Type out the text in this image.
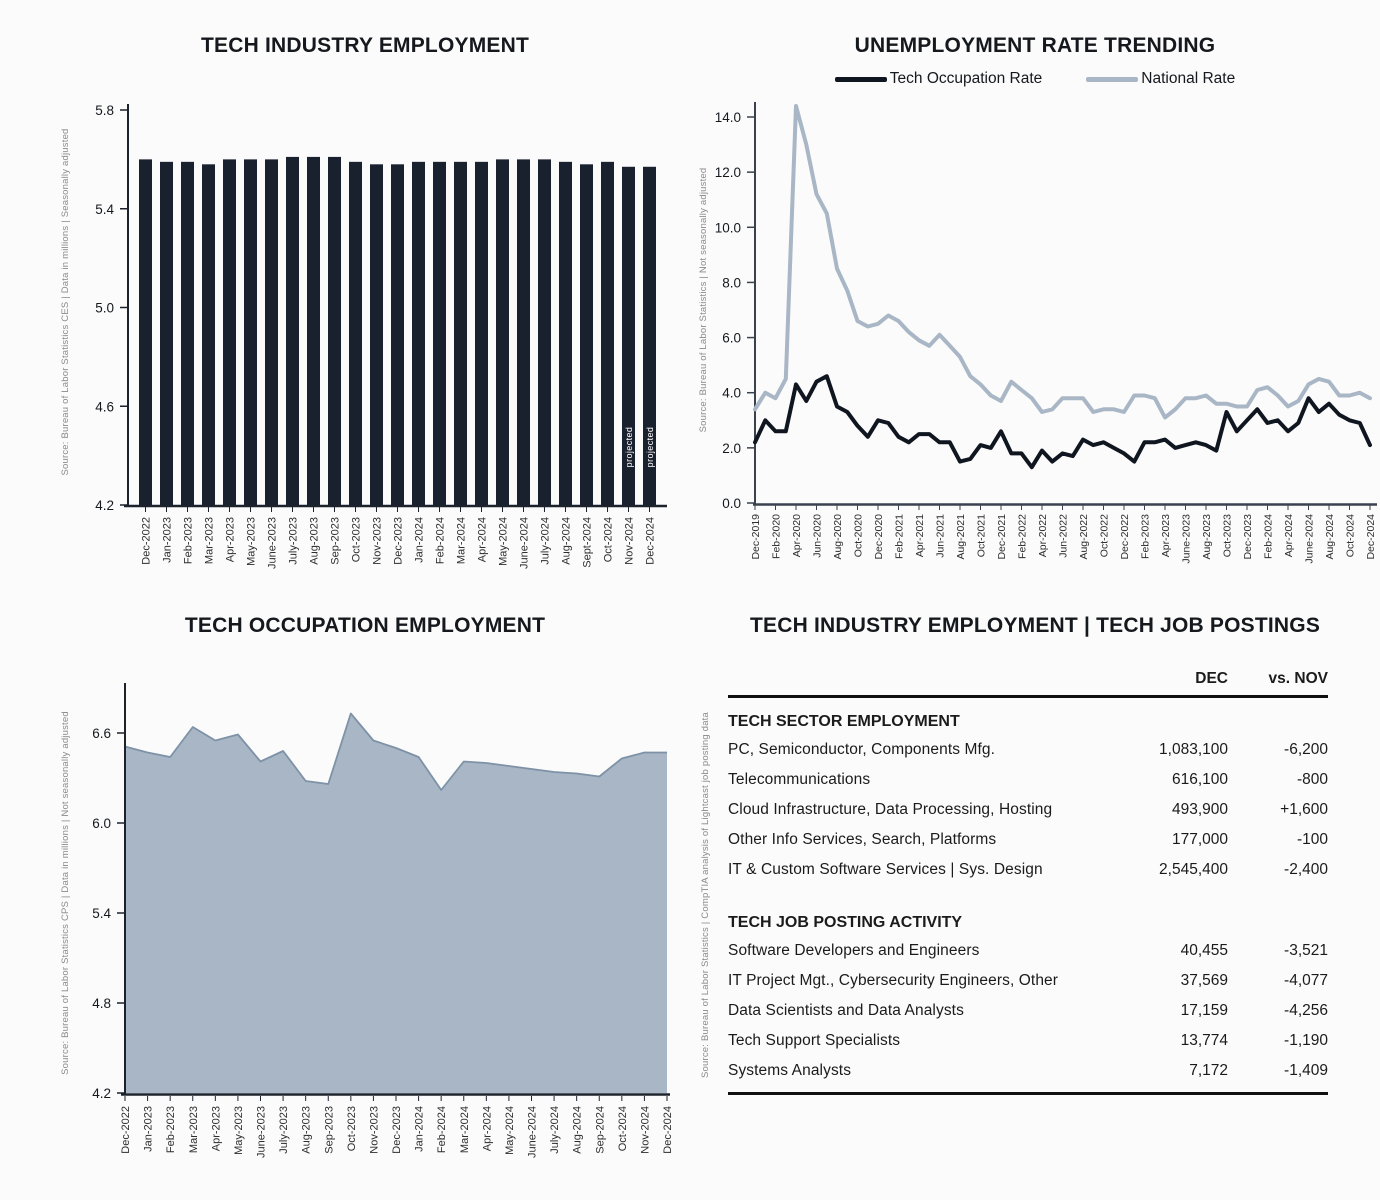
TECH INDUSTRY EMPLOYMENT
5.8
5.4
5.0
4.6
4.2
Dec-2022 Jan-2023 Feb-2023 Mar-2023 Apr-2023 May-2023 June-2023 July-2023 Aug-2023 Sep-2023 Oct-2023 Nov-2023 Dec-2023 Jan-2024 Feb-2024 Mar-2024 Apr-2024 May-2024 June-2024 July-2024 Aug-2024 Sept-2024 Oct-2024 Nov-2024 Dec-2024
projected projected
UNEMPLOYMENT RATE TRENDING
Tech Occupation Rate	National Rate
14.0
12.0
10.0
8.0
6.0
4.0
2.0
0.0
Dec-2019 Feb-2020 Apr-2020 Jun-2020 Aug-2020 Oct-2020 Dec-2020 Feb-2021 Apr-2021 Jun-2021 Aug-2021 Oct-2021 Dec-2021 Feb-2022 Apr-2022 Jun-2022 Aug-2022 Oct-2022 Dec-2022 Feb-2023 Apr-2023 June-2023 Aug-2023 Oct-2023 Dec-2023 Feb-2024 Apr-2024 June-2024 Aug-2024 Oct-2024 Dec-2024
TECH OCCUPATION EMPLOYMENT
6.6
6.0
5.4
4.8
4.2
Dec-2022 Jan-2023 Feb-2023 Mar-2023 Apr-2023 May-2023 June-2023 July-2023 Aug-2023 Sep-2023 Oct-2023 Nov-2023 Dec-2023 Jan-2024 Feb-2024 Mar-2024 Apr-2024 May-2024 June-2024 July-2024 Aug-2024 Sep-2024 Oct-2024 Nov-2024 Dec-2024
TECH INDUSTRY EMPLOYMENT | TECH JOB POSTINGS
DEC	vs. NOV
TECH SECTOR EMPLOYMENT
PC, Semiconductor, Components Mfg.	1,083,100	-6,200
Telecommunications	616,100	-800
Cloud Infrastructure, Data Processing, Hosting	493,900	+1,600
Other Info Services, Search, Platforms	177,000	-100
IT & Custom Software Services | Sys. Design	2,545,400	-2,400
TECH JOB POSTING ACTIVITY
Software Developers and Engineers	40,455	-3,521
IT Project Mgt., Cybersecurity Engineers, Other	37,569	-4,077
Data Scientists and Data Analysts	17,159	-4,256
Tech Support Specialists	13,774	-1,190
Systems Analysts	7,172	-1,409
Source: Bureau of Labor Statistics CES | Data in millions | Seasonally adjusted	Source: Bureau of Labor Statistics | Not seasonally adjusted
Source: Bureau of Labor Statistics CPS | Data in millions | Not seasonally adjusted	Source: Bureau of Labor Statistics | CompTIA analysis of Lightcast job posting data
